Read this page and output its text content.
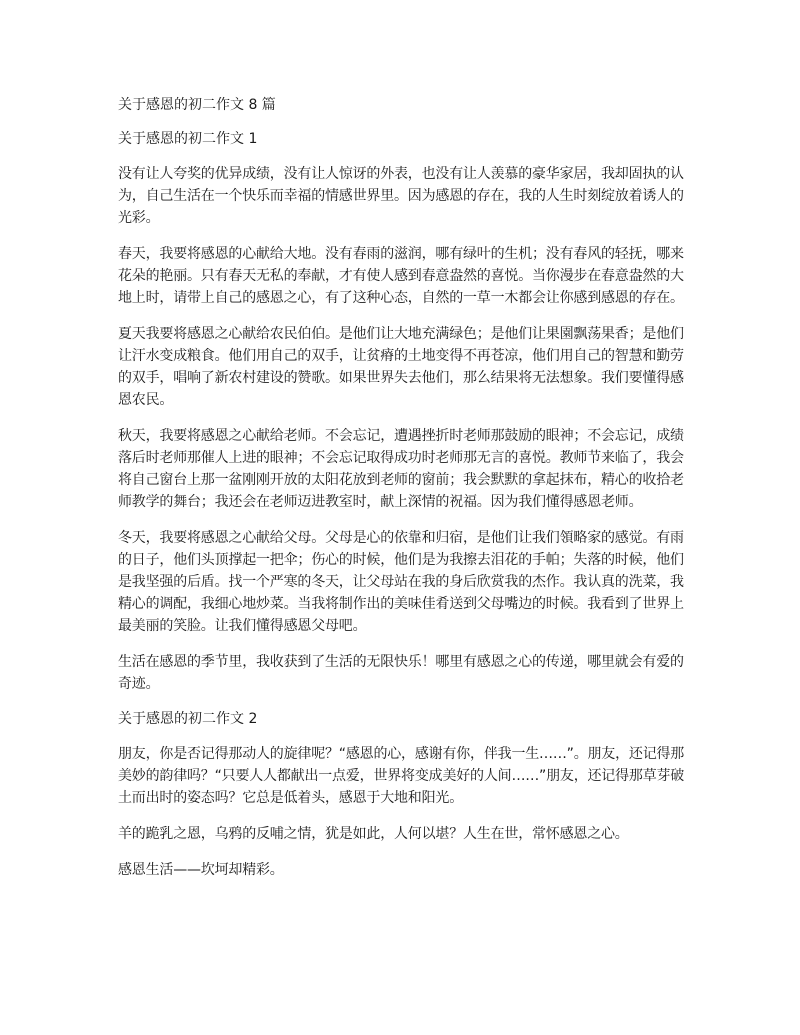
关于感恩的初二作文 8 篇

关于感恩的初二作文 1

没有让人夸奖的优异成绩，没有让人惊讶的外表，也没有让人羡慕的豪华家居，我却固执的认为，自己生活在一个快乐而幸福的情感世界里。因为感恩的存在，我的人生时刻绽放着诱人的光彩。

春天，我要将感恩的心献给大地。没有春雨的滋润，哪有绿叶的生机；没有春风的轻抚，哪来花朵的艳丽。只有春天无私的奉献，才有使人感到春意盎然的喜悦。当你漫步在春意盎然的大地上时，请带上自己的感恩之心，有了这种心态，自然的一草一木都会让你感到感恩的存在。

夏天我要将感恩之心献给农民伯伯。是他们让大地充满绿色；是他们让果園飘荡果香；是他们让汗水变成粮食。他们用自己的双手，让贫瘠的土地变得不再苍凉，他们用自己的智慧和勤劳的双手，唱响了新农村建设的赞歌。如果世界失去他们，那么结果将无法想象。我们要懂得感恩农民。

秋天，我要将感恩之心献给老师。不会忘记，遭遇挫折时老师那鼓励的眼神；不会忘记，成绩落后时老师那催人上进的眼神；不会忘记取得成功时老师那无言的喜悦。教师节来临了，我会将自己窗台上那一盆刚刚开放的太阳花放到老师的窗前；我会默默的拿起抹布，精心的收拾老师教学的舞台；我还会在老师迈进教室时，献上深情的祝福。因为我们懂得感恩老师。

冬天，我要将感恩之心献给父母。父母是心的依靠和归宿，是他们让我们領略家的感觉。有雨的日子，他们头顶撑起一把伞；伤心的时候，他们是为我擦去泪花的手帕；失落的时候，他们是我坚强的后盾。找一个严寒的冬天，让父母站在我的身后欣赏我的杰作。我认真的洗菜，我精心的调配，我细心地炒菜。当我将制作出的美味佳肴送到父母嘴边的时候。我看到了世界上最美丽的笑脸。让我们懂得感恩父母吧。

生活在感恩的季节里，我收获到了生活的无限快乐！哪里有感恩之心的传递，哪里就会有爱的奇迹。

关于感恩的初二作文 2

朋友，你是否记得那动人的旋律呢？“感恩的心，感谢有你，伴我一生……”。朋友，还记得那美妙的韵律吗？“只要人人都献出一点爱，世界将变成美好的人间……”朋友，还记得那草芽破土而出时的姿态吗？它总是低着头，感恩于大地和阳光。

羊的跪乳之恩，乌鸦的反哺之情，犹是如此，人何以堪？人生在世，常怀感恩之心。

感恩生活——坎坷却精彩。
